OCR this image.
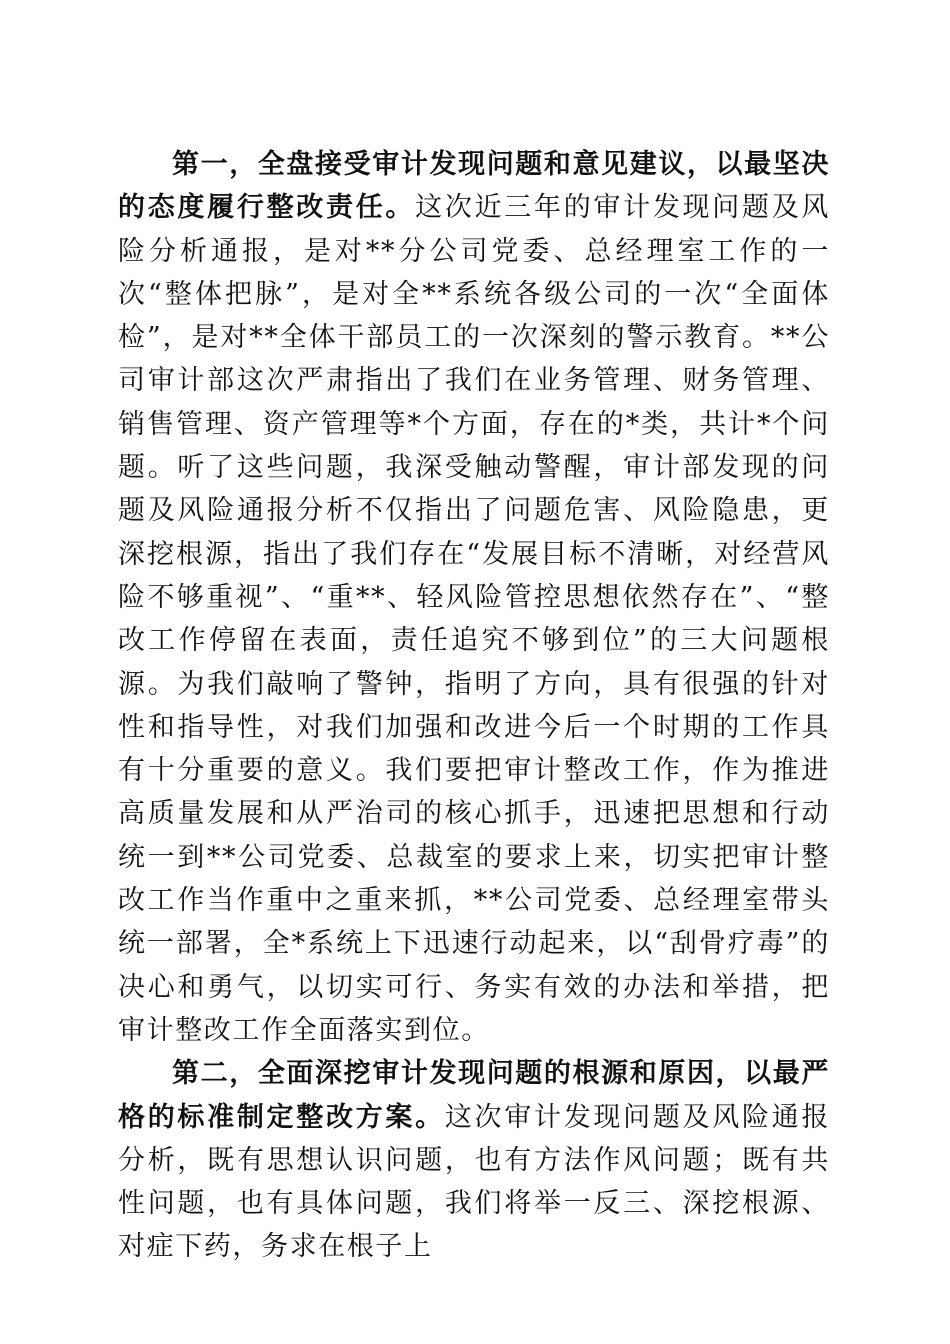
第一，全盘接受审计发现问题和意见建议，以最坚决的态度履行整改责任。这次近三年的审计发现问题及风险分析通报，是对**分公司党委、总经理室工作的一次“整体把脉”，是对全**系统各级公司的一次“全面体检”，是对**全体干部员工的一次深刻的警示教育。**公司审计部这次严肃指出了我们在业务管理、财务管理、销售管理、资产管理等*个方面，存在的*类，共计*个问题。听了这些问题，我深受触动警醒，审计部发现的问题及风险通报分析不仅指出了问题危害、风险隐患，更深挖根源，指出了我们存在“发展目标不清晰，对经营风险不够重视”、“重**、轻风险管控思想依然存在”、“整改工作停留在表面，责任追究不够到位”的三大问题根源。为我们敲响了警钟，指明了方向，具有很强的针对性和指导性，对我们加强和改进今后一个时期的工作具有十分重要的意义。我们要把审计整改工作，作为推进高质量发展和从严治司的核心抓手，迅速把思想和行动统一到**公司党委、总裁室的要求上来，切实把审计整改工作当作重中之重来抓，**公司党委、总经理室带头统一部署，全*系统上下迅速行动起来，以“刮骨疗毒”的决心和勇气，以切实可行、务实有效的办法和举措，把审计整改工作全面落实到位。

第二，全面深挖审计发现问题的根源和原因，以最严格的标准制定整改方案。这次审计发现问题及风险通报分析，既有思想认识问题，也有方法作风问题；既有共性问题，也有具体问题，我们将举一反三、深挖根源、对症下药，务求在根子上
